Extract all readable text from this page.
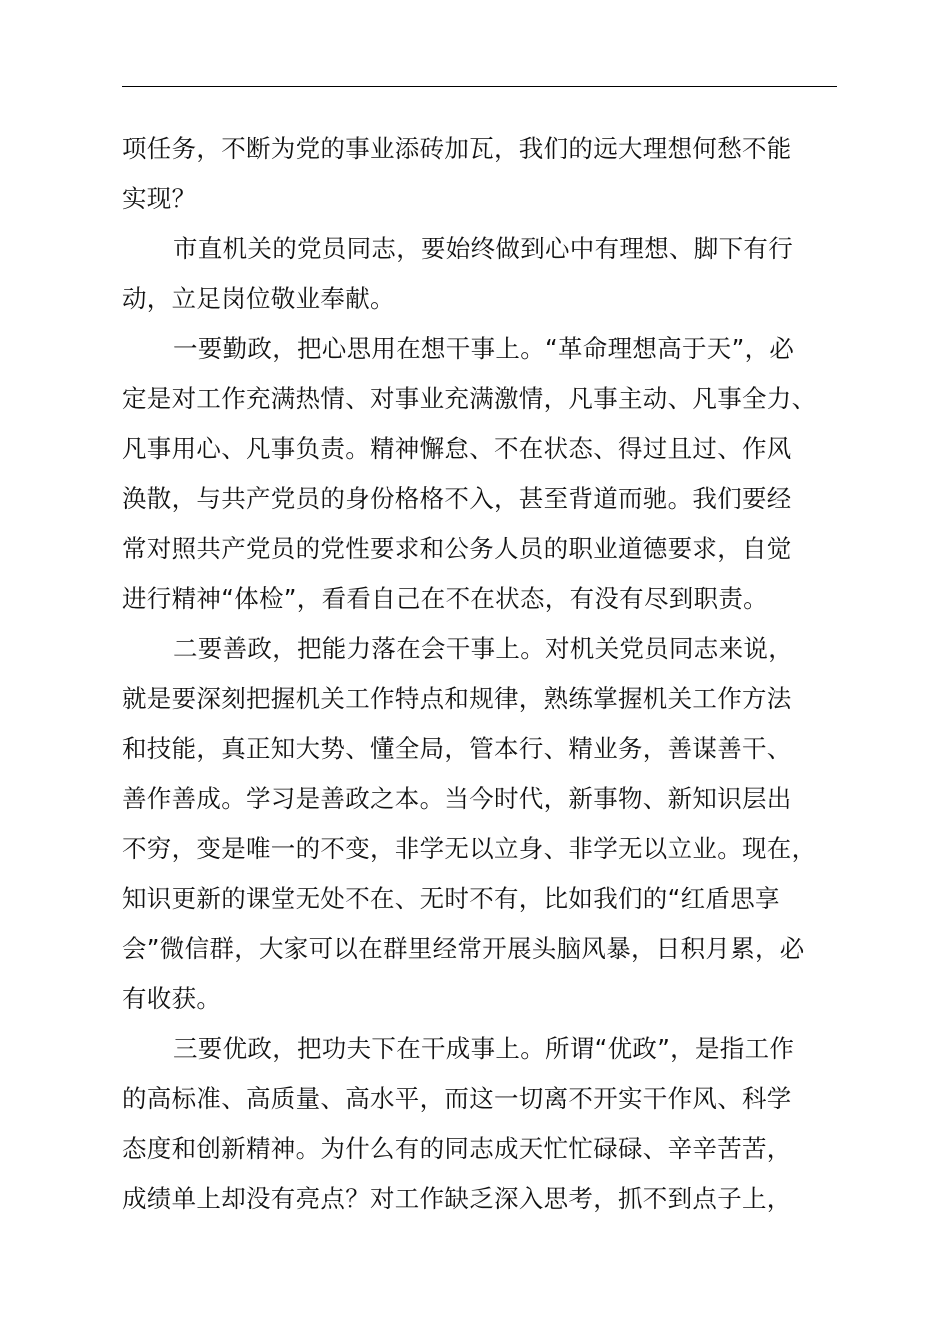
项任务，不断为党的事业添砖加瓦，我们的远大理想何愁不能
实现？
市直机关的党员同志，要始终做到心中有理想、脚下有行
动，立足岗位敬业奉献。
一要勤政，把心思用在想干事上。“革命理想高于天”，必
定是对工作充满热情、对事业充满激情，凡事主动、凡事全力、
凡事用心、凡事负责。精神懈怠、不在状态、得过且过、作风
涣散，与共产党员的身份格格不入，甚至背道而驰。我们要经
常对照共产党员的党性要求和公务人员的职业道德要求，自觉
进行精神“体检”，看看自己在不在状态，有没有尽到职责。
二要善政，把能力落在会干事上。对机关党员同志来说，
就是要深刻把握机关工作特点和规律，熟练掌握机关工作方法
和技能，真正知大势、懂全局，管本行、精业务，善谋善干、
善作善成。学习是善政之本。当今时代，新事物、新知识层出
不穷，变是唯一的不变，非学无以立身、非学无以立业。现在，
知识更新的课堂无处不在、无时不有，比如我们的“红盾思享
会”微信群，大家可以在群里经常开展头脑风暴，日积月累，必
有收获。
三要优政，把功夫下在干成事上。所谓“优政”，是指工作
的高标准、高质量、高水平，而这一切离不开实干作风、科学
态度和创新精神。为什么有的同志成天忙忙碌碌、辛辛苦苦，
成绩单上却没有亮点？对工作缺乏深入思考，抓不到点子上，
